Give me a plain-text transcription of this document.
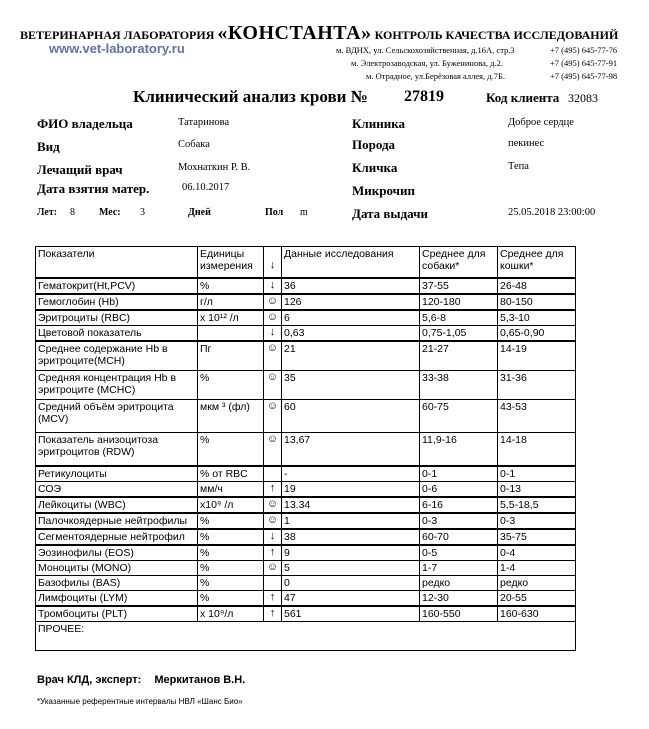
ВЕТЕРИНАРНАЯ ЛАБОРАТОРИЯ «КОНСТАНТА» КОНТРОЛЬ КАЧЕСТВА ИССЛЕДОВАНИЙ
www.vet-laboratory.ru	м. ВДНХ, ул. Сельскохозяйственная, д.16А, стр.3	+7 (495) 645-77-76
м. Электрозаводская, ул. Буженинова, д.2.	+7 (495) 645-77-91
м. Отрадное, ул.Берёзовая аллея, д.7Б.	+7 (495) 645-77-98
Клинический анализ крови № 27819	Код клиента 32083
ФИО владельца	Татаринова
Вид	Собака
Лечащий врач	Мохнаткин Р. В.
Дата взятия матер.	06.10.2017
Лет: 8 Мес: 3	Дней	Пол m
Клиника	Доброе сердце
Порода	пекинес
Кличка	Тепа
Микрочип
Дата выдачи	25.05.2018 23:00:00
Показатели	Единицы измерения	↓	Данные исследования	Среднее для собаки*	Среднее для кошки*
Гематокрит(Ht,PCV)	%	↓	36	37-55	26-48
Гемоглобин (Hb)	г/л	☺	126	120-180	80-150
Эритроциты (RBC)	x 10¹² /л	☺	6	5,6-8	5,3-10
Цветовой показатель		↓	0,63	0,75-1,05	0,65-0,90
Среднее содержание Hb в эритроците(MCH)	Пг	☺	21	21-27	14-19
Средняя концентрация Hb в эритроците (MCHC)	%	☺	35	33-38	31-36
Средний объём эритроцита (MCV)	мкм ³ (фл)	☺	60	60-75	43-53
Показатель анизоцитоза эритроцитов (RDW)	%	☺	13,67	11,9-16	14-18
Ретикулоциты	% от RBC		-	0-1	0-1
СОЭ	мм/ч	↑	19	0-6	0-13
Лейкоциты (WBC)	x10⁹ /л	☺	13.34	6-16	5,5-18,5
Палочкоядерные нейтрофилы	%	☺	1	0-3	0-3
Сегментоядерные нейтрофил	%	↓	38	60-70	35-75
Эозинофилы (EOS)	%	↑	9	0-5	0-4
Моноциты (MONO)	%	☺	5	1-7	1-4
Базофилы (BAS)	%		0	редко	редко
Лимфоциты (LYM)	%	↑	47	12-30	20-55
Тромбоциты (PLT)	x 10⁹/л	↑	561	160-550	160-630
ПРОЧЕЕ:					
Врач КЛД, эксперт: Меркитанов В.Н.
*Указанные референтные интервалы НВЛ «Шанс Био»
